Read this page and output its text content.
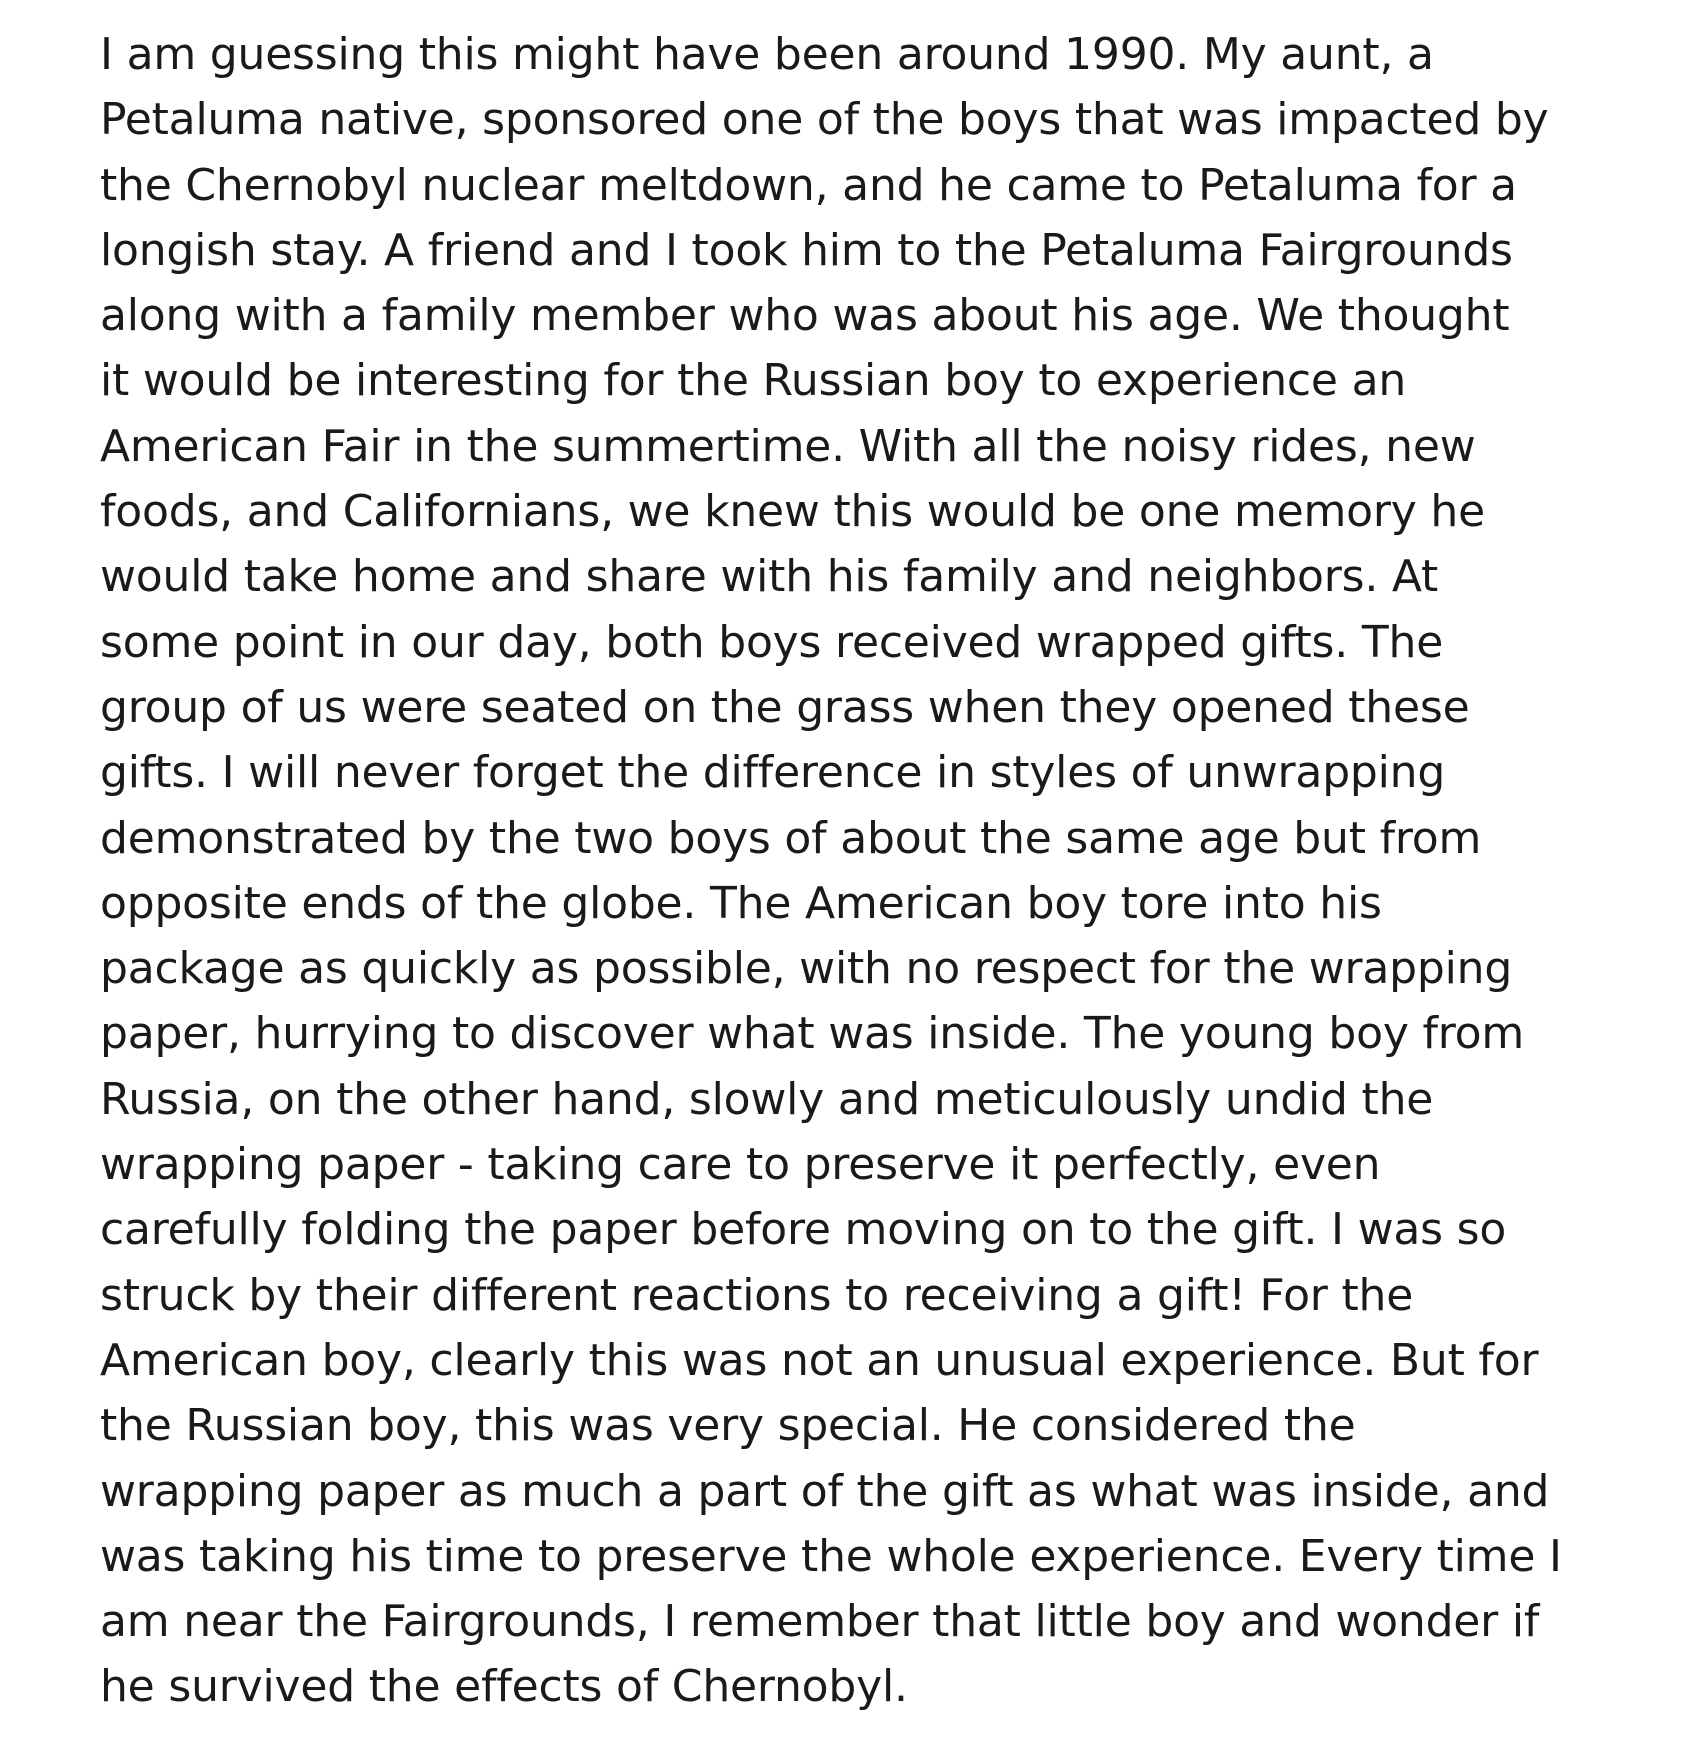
I am guessing this might have been around 1990. My aunt, a
Petaluma native, sponsored one of the boys that was impacted by
the Chernobyl nuclear meltdown, and he came to Petaluma for a
longish stay. A friend and I took him to the Petaluma Fairgrounds
along with a family member who was about his age. We thought
it would be interesting for the Russian boy to experience an
American Fair in the summertime. With all the noisy rides, new
foods, and Californians, we knew this would be one memory he
would take home and share with his family and neighbors. At
some point in our day, both boys received wrapped gifts. The
group of us were seated on the grass when they opened these
gifts. I will never forget the difference in styles of unwrapping
demonstrated by the two boys of about the same age but from
opposite ends of the globe. The American boy tore into his
package as quickly as possible, with no respect for the wrapping
paper, hurrying to discover what was inside. The young boy from
Russia, on the other hand, slowly and meticulously undid the
wrapping paper - taking care to preserve it perfectly, even
carefully folding the paper before moving on to the gift. I was so
struck by their different reactions to receiving a gift! For the
American boy, clearly this was not an unusual experience. But for
the Russian boy, this was very special. He considered the
wrapping paper as much a part of the gift as what was inside, and
was taking his time to preserve the whole experience. Every time I
am near the Fairgrounds, I remember that little boy and wonder if
he survived the effects of Chernobyl.
